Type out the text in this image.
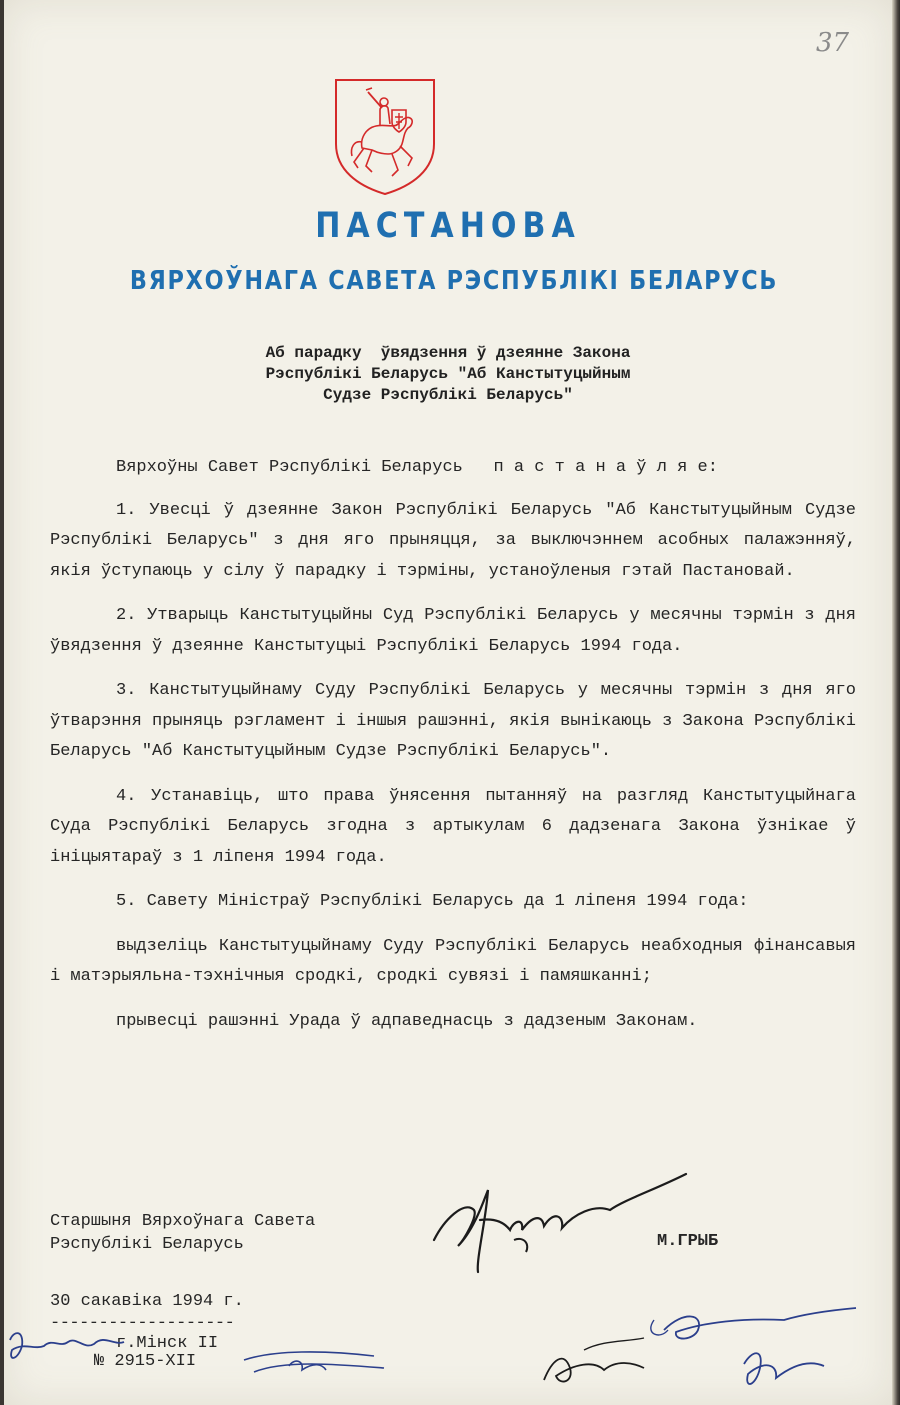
37
ПАСТАНОВА
ВЯРХОЎНАГА САВЕТА РЭСПУБЛІКІ БЕЛАРУСЬ
Аб парадку  ўвядзення ў дзеянне Закона
Рэспублікі Беларусь "Аб Канстытуцыйным
Судзе Рэспублікі Беларусь"

Вярхоўны Савет Рэспублікі Беларусь   п а с т а н а ў л я е:

1. Увесці ў дзеянне Закон Рэспублікі Беларусь "Аб Канстытуцыйным Судзе Рэспублікі Беларусь" з дня яго прыняцця, за выключэннем асобных палажэнняў, якія ўступаюць у сілу ў парадку і тэрміны, устаноўленыя гэтай Пастановай.

2. Утварыць Канстытуцыйны Суд Рэспублікі Беларусь у месячны тэрмін з дня ўвядзення ў дзеянне Канстытуцыі Рэспублікі Беларусь 1994 года.

3. Канстытуцыйнаму Суду Рэспублікі Беларусь у месячны тэрмін з дня яго ўтварэння прыняць рэгламент і іншыя рашэнні, якія вынікаюць з Закона Рэспублікі Беларусь "Аб Канстытуцыйным Судзе Рэспублікі Беларусь".

4. Устанавіць, што права ўнясення пытанняў на разгляд Канстытуцыйнага Суда Рэспублікі Беларусь згодна з артыкулам 6 дадзенага Закона ўзнікае ў ініцыятараў з 1 ліпеня 1994 года.

5. Савету Міністраў Рэспублікі Беларусь да 1 ліпеня 1994 года:

выдзеліць Канстытуцыйнаму Суду Рэспублікі Беларусь неабходныя фінансавыя і матэрыяльна-тэхнічныя сродкі, сродкі сувязі і памяшканні;

прывесці рашэнні Урада ў адпаведнасць з дадзеным Законам.

Старшыня Вярхоўнага Савета
Рэспублікі Беларусь	М.ГРЫБ
30 сакавіка 1994 г.
-------------------
г.Мінск II
№ 2915-XII
